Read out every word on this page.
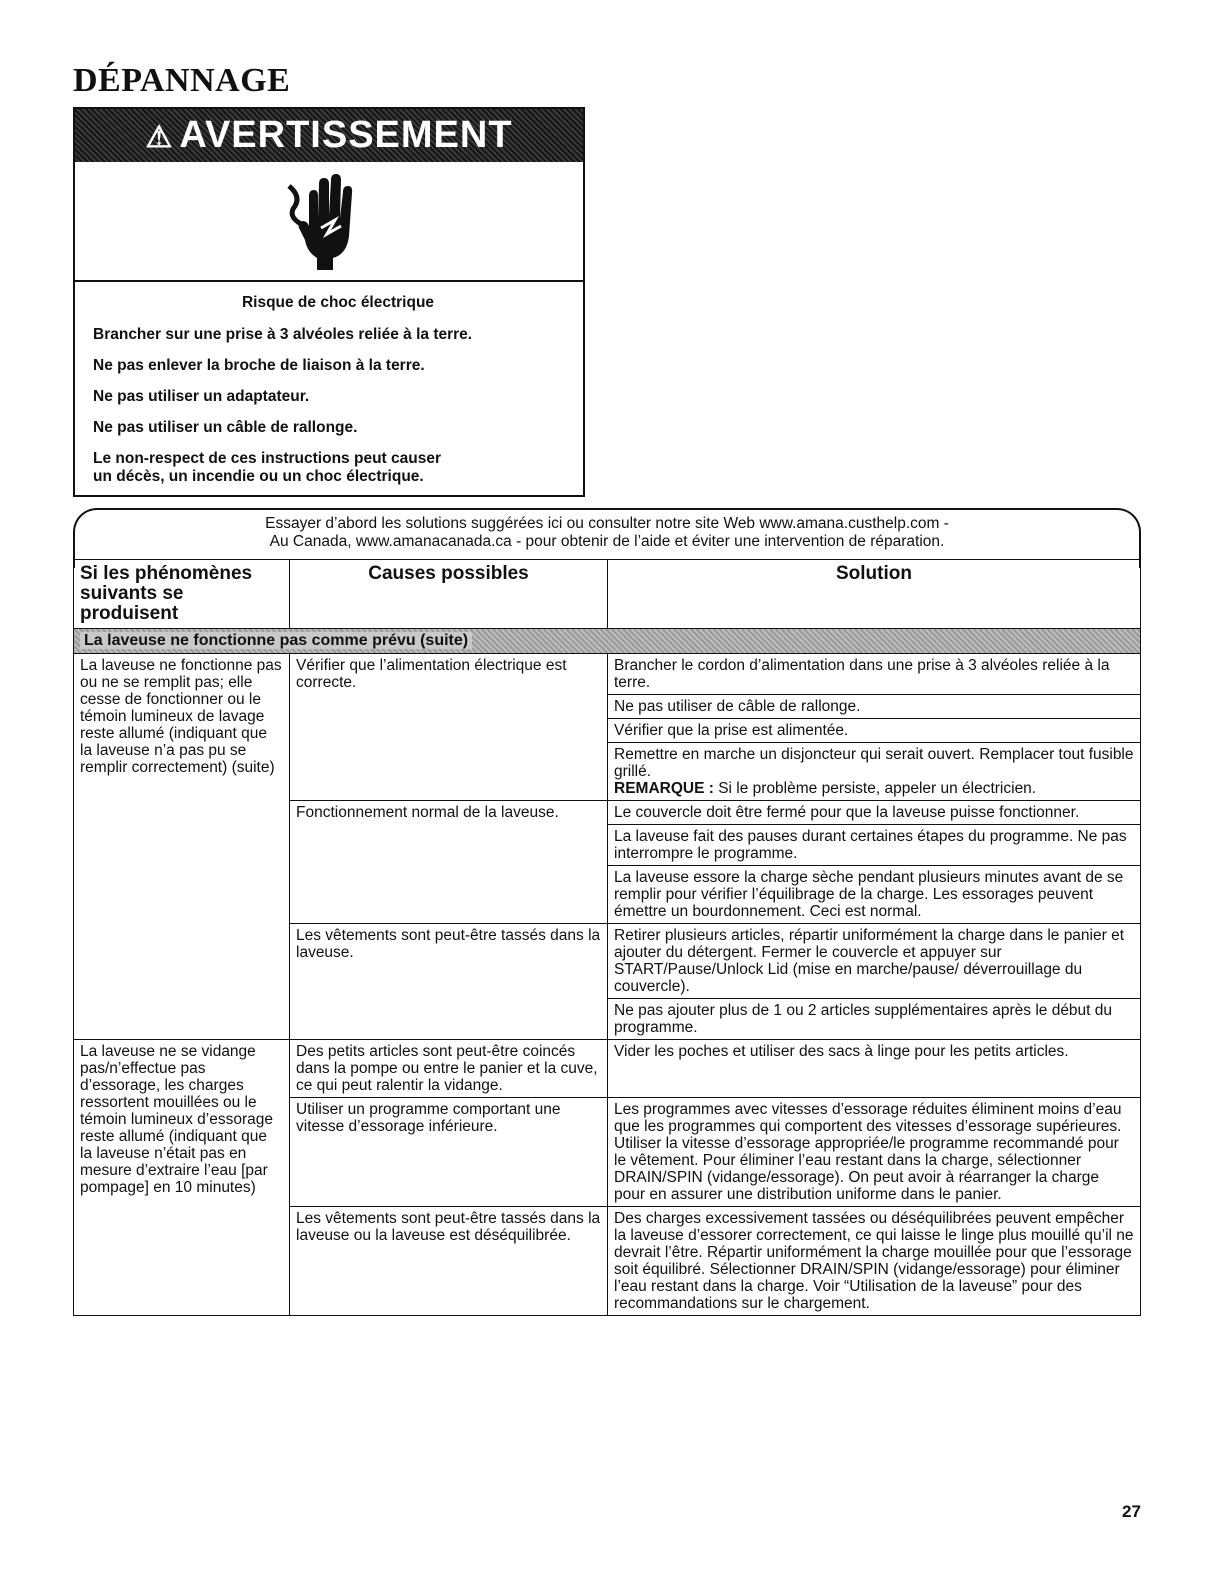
DÉPANNAGE
⚠ AVERTISSEMENT
Risque de choc électrique

Brancher sur une prise à 3 alvéoles reliée à la terre.

Ne pas enlever la broche de liaison à la terre.

Ne pas utiliser un adaptateur.

Ne pas utiliser un câble de rallonge.

Le non-respect de ces instructions peut causer

un décès, un incendie ou un choc électrique.

Essayer d’abord les solutions suggérées ici ou consulter notre site Web www.amana.custhelp.com -
Au Canada, www.amanacanada.ca - pour obtenir de l’aide et éviter une intervention de réparation.
Si les phénomènes
suivants se produisent	Causes possibles	Solution
La laveuse ne fonctionne pas comme prévu (suite)		
La laveuse ne fonctionne pas ou ne se remplit pas; elle cesse de fonctionner ou le témoin lumineux de lavage reste allumé (indiquant que la laveuse n’a pas pu se remplir correctement) (suite)	Vérifier que l’alimentation électrique est correcte.	Brancher le cordon d’alimentation dans une prise à 3 alvéoles reliée à la terre.
		Ne pas utiliser de câble de rallonge.
		Vérifier que la prise est alimentée.
		Remettre en marche un disjoncteur qui serait ouvert. Remplacer tout fusible grillé.
REMARQUE : Si le problème persiste, appeler un électricien.
	Fonctionnement normal de la laveuse.	Le couvercle doit être fermé pour que la laveuse puisse fonctionner.
		La laveuse fait des pauses durant certaines étapes du programme. Ne pas interrompre le programme.
		La laveuse essore la charge sèche pendant plusieurs minutes avant de se remplir pour vérifier l’équilibrage de la charge. Les essorages peuvent émettre un bourdonnement. Ceci est normal.
	Les vêtements sont peut-être tassés dans la laveuse.	Retirer plusieurs articles, répartir uniformément la charge dans le panier et ajouter du détergent. Fermer le couvercle et appuyer sur START/Pause/Unlock Lid (mise en marche/pause/ déverrouillage du couvercle).
		Ne pas ajouter plus de 1 ou 2 articles supplémentaires après le début du programme.
La laveuse ne se vidange pas/n’effectue pas d’essorage, les charges ressortent mouillées ou le témoin lumineux d’essorage reste allumé (indiquant que la laveuse n’était pas en mesure d’extraire l’eau [par pompage] en 10 minutes)	Des petits articles sont peut-être coincés dans la pompe ou entre le panier et la cuve, ce qui peut ralentir la vidange.	Vider les poches et utiliser des sacs à linge pour les petits articles.
	Utiliser un programme comportant une vitesse d’essorage inférieure.	Les programmes avec vitesses d’essorage réduites éliminent moins d’eau que les programmes qui comportent des vitesses d’essorage supérieures. Utiliser la vitesse d’essorage appropriée/le programme recommandé pour le vêtement. Pour éliminer l’eau restant dans la charge, sélectionner DRAIN/SPIN (vidange/essorage). On peut avoir à réarranger la charge pour en assurer une distribution uniforme dans le panier.
	Les vêtements sont peut-être tassés dans la laveuse ou la laveuse est déséquilibrée.	Des charges excessivement tassées ou déséquilibrées peuvent empêcher la laveuse d’essorer correctement, ce qui laisse le linge plus mouillé qu’il ne devrait l’être. Répartir uniformément la charge mouillée pour que l’essorage soit équilibré. Sélectionner DRAIN/SPIN (vidange/essorage) pour éliminer l’eau restant dans la charge. Voir “Utilisation de la laveuse” pour des recommandations sur le chargement.
27
